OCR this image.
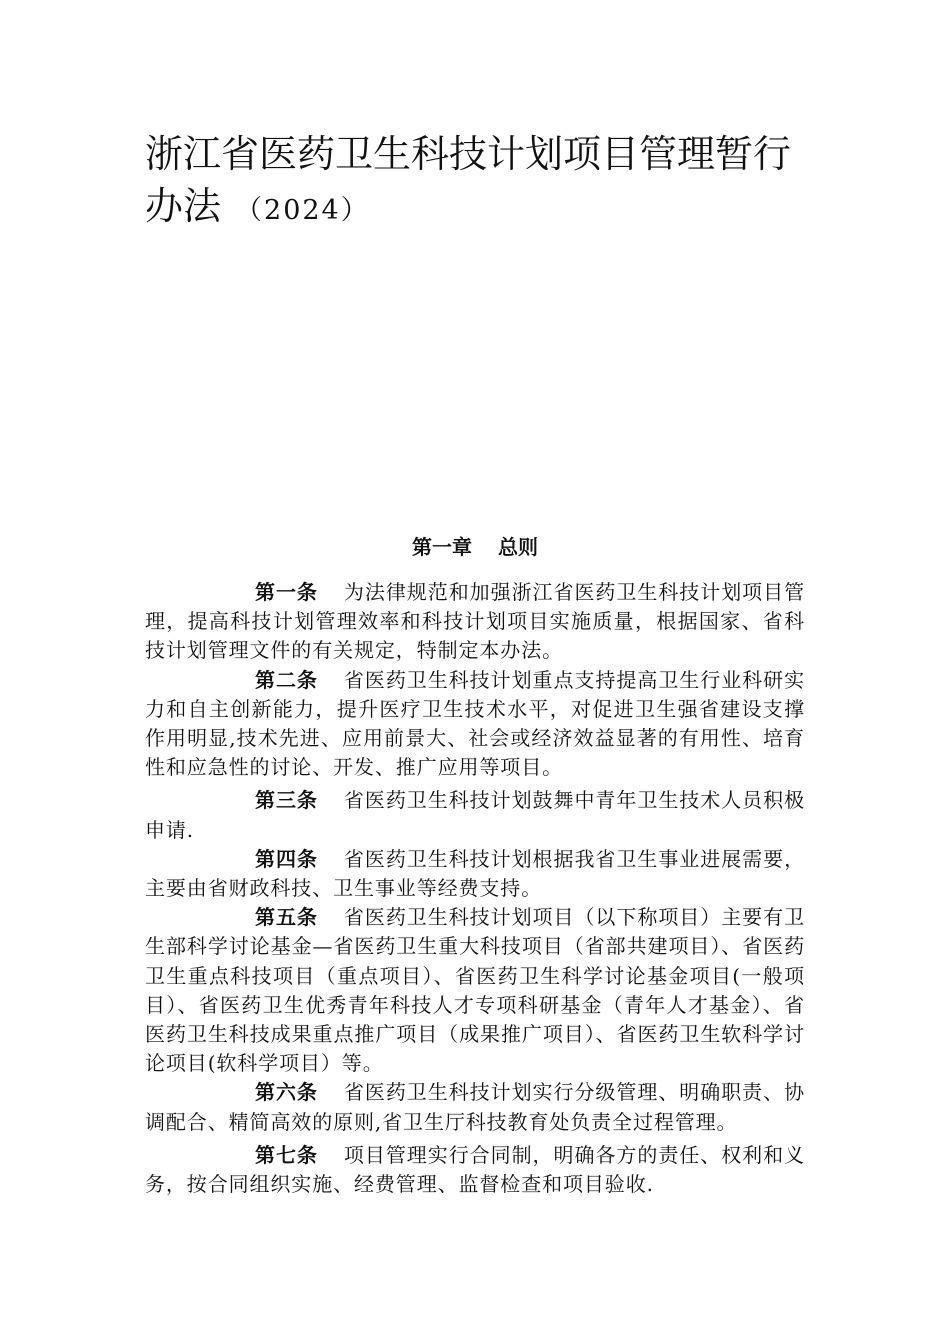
浙江省医药卫生科技计划项目管理暂行办法 （2024）
第一章 总则

第一条 为法律规范和加强浙江省医药卫生科技计划项目管理，提高科技计划管理效率和科技计划项目实施质量，根据国家、省科技计划管理文件的有关规定，特制定本办法。

第二条 省医药卫生科技计划重点支持提高卫生行业科研实力和自主创新能力，提升医疗卫生技术水平，对促进卫生强省建设支撑作用明显,技术先进、应用前景大、社会或经济效益显著的有用性、培育性和应急性的讨论、开发、推广应用等项目。

第三条 省医药卫生科技计划鼓舞中青年卫生技术人员积极申请.

第四条 省医药卫生科技计划根据我省卫生事业进展需要，主要由省财政科技、卫生事业等经费支持。

第五条 省医药卫生科技计划项目（以下称项目）主要有卫生部科学讨论基金—省医药卫生重大科技项目（省部共建项目）、省医药卫生重点科技项目（重点项目）、省医药卫生科学讨论基金项目(一般项目）、省医药卫生优秀青年科技人才专项科研基金（青年人才基金）、省医药卫生科技成果重点推广项目（成果推广项目）、省医药卫生软科学讨论项目(软科学项目）等。

第六条 省医药卫生科技计划实行分级管理、明确职责、协调配合、精简高效的原则,省卫生厅科技教育处负责全过程管理。

第七条 项目管理实行合同制，明确各方的责任、权利和义务，按合同组织实施、经费管理、监督检查和项目验收.
